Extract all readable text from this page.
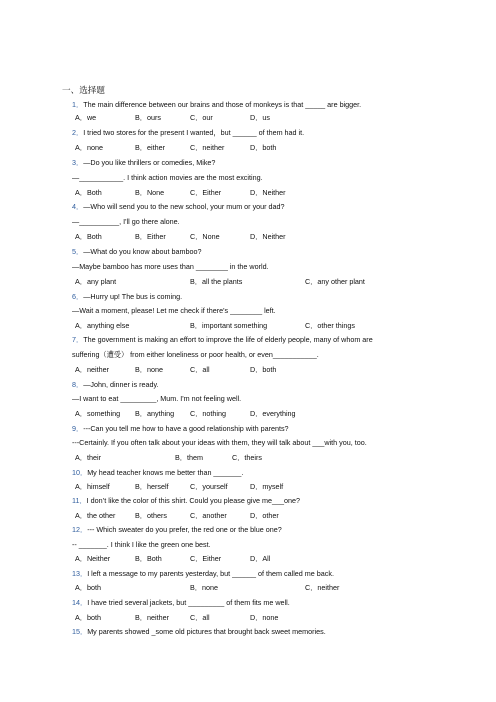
一、选择题
1．The main difference between our brains and those of monkeys is that _____ are bigger.
A．we	B．ours	C．our	D．us
2．I tried two stores for the present I wanted，but ______ of them had it.
A．none	B．either	C．neither	D．both
3．—Do you like thrillers or comedies, Mike?
—___________. I think action movies are the most exciting.
A．Both	B．None	C．Either	D．Neither
4．—Who will send you to the new school, your mum or your dad?
—__________, I'll go there alone.
A．Both	B．Either	C．None	D．Neither
5．—What do you know about bamboo?
—Maybe bamboo has more uses than ________ in the world.
A．any plant	B．all the plants	C．any other plant
6．—Hurry up! The bus is coming.
—Wait a moment, please! Let me check if there's ________ left.
A．anything else	B．important something	C．other things
7．The government is making an effort to improve the life of elderly people, many of whom are
suffering（遭受） from either loneliness or poor health, or even___________.
A．neither	B．none	C．all	D．both
8．—John, dinner is ready.
—I want to eat _________, Mum. I'm not feeling well.
A．something B．anything C．nothing	D．everything
9．---Can you tell me how to have a good relationship with parents?
---Certainly. If you often talk about your ideas with them, they will talk about ___with you, too.
A．their	B．them	C．theirs
10．My head teacher knows me better than _______.
A．himself	B．herself	C．yourself	D．myself
11．I don’t like the color of this shirt. Could you please give me___one?
A．the other	B．others	C．another	D．other
12．--- Which sweater do you prefer, the red one or the blue one?
-- _______. I think I like the green one best.
A．Neither	B．Both	C．Either	D．All
13．I left a message to my parents yesterday, but ______ of them called me back.
A．both	B．none	C．neither
14．I have tried several jackets, but _________ of them fits me well.
A．both	B．neither	C．all	D．none
15．My parents showed _some old pictures that brought back sweet memories.
